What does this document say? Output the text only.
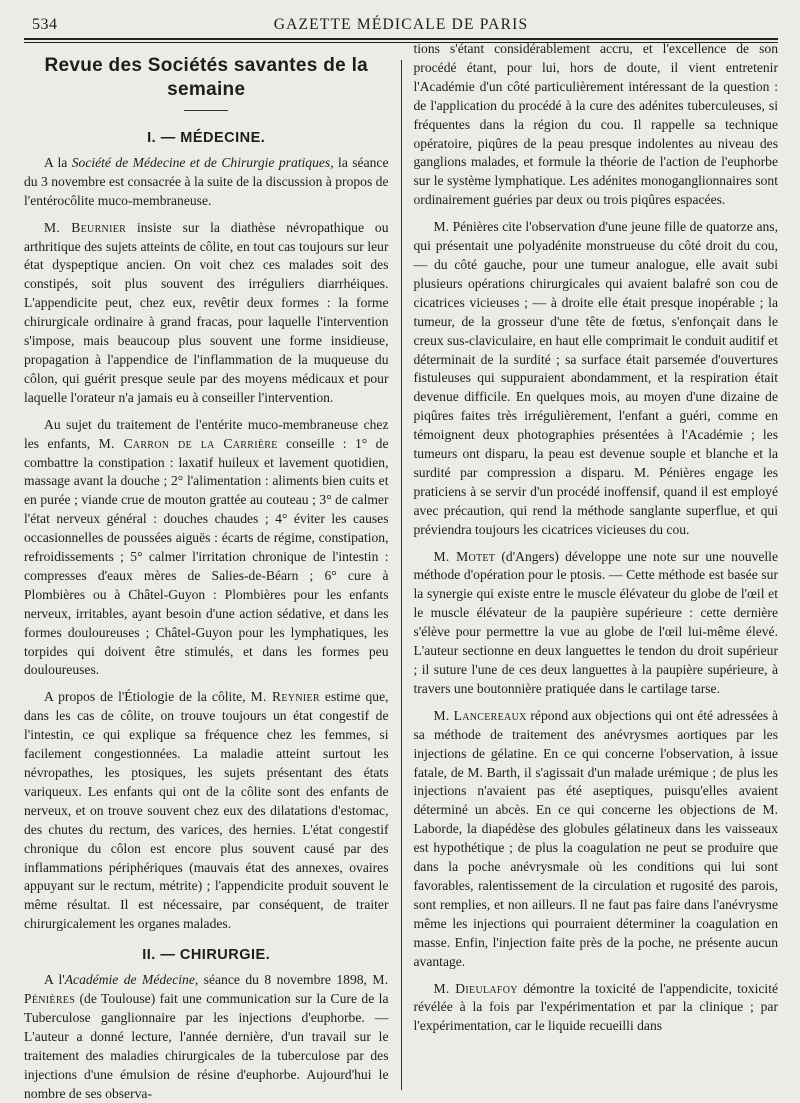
534	GAZETTE MÉDICALE DE PARIS
Revue des Sociétés savantes de la semaine
I. — MÉDECINE.

A la Société de Médecine et de Chirurgie pratiques, la séance du 3 novembre est consacrée à la suite de la discussion à propos de l'entérocôlite muco-membraneuse.

M. Beurnier insiste sur la diathèse névropathique ou arthritique des sujets atteints de côlite, en tout cas toujours sur leur état dyspeptique ancien. On voit chez ces malades soit des constipés, soit plus souvent des irréguliers diarrhéiques. L'appendicite peut, chez eux, revêtir deux formes : la forme chirurgicale ordinaire à grand fracas, pour laquelle l'intervention s'impose, mais beaucoup plus souvent une forme insidieuse, propagation à l'appendice de l'inflammation de la muqueuse du côlon, qui guérit presque seule par des moyens médicaux et pour laquelle l'orateur n'a jamais eu à conseiller l'intervention.

Au sujet du traitement de l'entérite muco-membraneuse chez les enfants, M. Carron de la Carrière conseille : 1° de combattre la constipation : laxatif huileux et lavement quotidien, massage avant la douche ; 2° l'alimentation : aliments bien cuits et en purée ; viande crue de mouton grattée au couteau ; 3° de calmer l'état nerveux général : douches chaudes ; 4° éviter les causes occasionnelles de poussées aiguës : écarts de régime, constipation, refroidissements ; 5° calmer l'irritation chronique de l'intestin : compresses d'eaux mères de Salies-de-Béarn ; 6° cure à Plombières ou à Châtel-Guyon : Plombières pour les enfants nerveux, irritables, ayant besoin d'une action sédative, et dans les formes douloureuses ; Châtel-Guyon pour les lymphatiques, les torpides qui doivent être stimulés, et dans les formes peu douloureuses.

A propos de l'Étiologie de la côlite, M. Reynier estime que, dans les cas de côlite, on trouve toujours un état congestif de l'intestin, ce qui explique sa fréquence chez les femmes, si facilement congestionnées. La maladie atteint surtout les névropathes, les ptosiques, les sujets présentant des états variqueux. Les enfants qui ont de la côlite sont des enfants de nerveux, et on trouve souvent chez eux des dilatations d'estomac, des chutes du rectum, des varices, des hernies. L'état congestif chronique du côlon est encore plus souvent causé par des inflammations périphériques (mauvais état des annexes, ovaires appuyant sur le rectum, métrite) ; l'appendicite produit souvent le même résultat. Il est nécessaire, par conséquent, de traiter chirurgicalement les organes malades.

II. — CHIRURGIE.

A l'Académie de Médecine, séance du 8 novembre 1898, M. Pénières (de Toulouse) fait une communication sur la Cure de la Tuberculose ganglionnaire par les injections d'euphorbe. — L'auteur a donné lecture, l'année dernière, d'un travail sur le traitement des maladies chirurgicales de la tuberculose par des injections d'une émulsion de résine d'euphorbe. Aujourd'hui le nombre de ses observa-

tions s'étant considérablement accru, et l'excellence de son procédé étant, pour lui, hors de doute, il vient entretenir l'Académie d'un côté particulièrement intéressant de la question : de l'application du procédé à la cure des adénites tuberculeuses, si fréquentes dans la région du cou. Il rappelle sa technique opératoire, piqûres de la peau presque indolentes au niveau des ganglions malades, et formule la théorie de l'action de l'euphorbe sur le système lymphatique. Les adénites monoganglionnaires sont ordinairement guéries par deux ou trois piqûres espacées.

M. Pénières cite l'observation d'une jeune fille de quatorze ans, qui présentait une polyadénite monstrueuse du côté droit du cou, — du côté gauche, pour une tumeur analogue, elle avait subi plusieurs opérations chirurgicales qui avaient balafré son cou de cicatrices vicieuses ; — à droite elle était presque inopérable ; la tumeur, de la grosseur d'une tête de fœtus, s'enfonçait dans le creux sus-claviculaire, en haut elle comprimait le conduit auditif et déterminait de la surdité ; sa surface était parsemée d'ouvertures fistuleuses qui suppuraient abondamment, et la respiration était devenue difficile. En quelques mois, au moyen d'une dizaine de piqûres faites très irrégulièrement, l'enfant a guéri, comme en témoignent deux photographies présentées à l'Académie ; les tumeurs ont disparu, la peau est devenue souple et blanche et la surdité par compression a disparu. M. Pénières engage les praticiens à se servir d'un procédé inoffensif, quand il est employé avec précaution, qui rend la méthode sanglante superflue, et qui préviendra toujours les cicatrices vicieuses du cou.

M. Motet (d'Angers) développe une note sur une nouvelle méthode d'opération pour le ptosis. — Cette méthode est basée sur la synergie qui existe entre le muscle élévateur du globe de l'œil et le muscle élévateur de la paupière supérieure : cette dernière s'élève pour permettre la vue au globe de l'œil lui-même élevé. L'auteur sectionne en deux languettes le tendon du droit supérieur ; il suture l'une de ces deux languettes à la paupière supérieure, à travers une boutonnière pratiquée dans le cartilage tarse.

M. Lancereaux répond aux objections qui ont été adressées à sa méthode de traitement des anévrysmes aortiques par les injections de gélatine. En ce qui concerne l'observation, à issue fatale, de M. Barth, il s'agissait d'un malade urémique ; de plus les injections n'avaient pas été aseptiques, puisqu'elles avaient déterminé un abcès. En ce qui concerne les objections de M. Laborde, la diapédèse des globules gélatineux dans les vaisseaux est hypothétique ; de plus la coagulation ne peut se produire que dans la poche anévrysmale où les conditions qui lui sont favorables, ralentissement de la circulation et rugosité des parois, sont remplies, et non ailleurs. Il ne faut pas faire dans l'anévrysme même les injections qui pourraient déterminer la coagulation en masse. Enfin, l'injection faite près de la poche, ne présente aucun avantage.

M. Dieulafoy démontre la toxicité de l'appendicite, toxicité révélée à la fois par l'expérimentation et par la clinique ; par l'expérimentation, car le liquide recueilli dans
